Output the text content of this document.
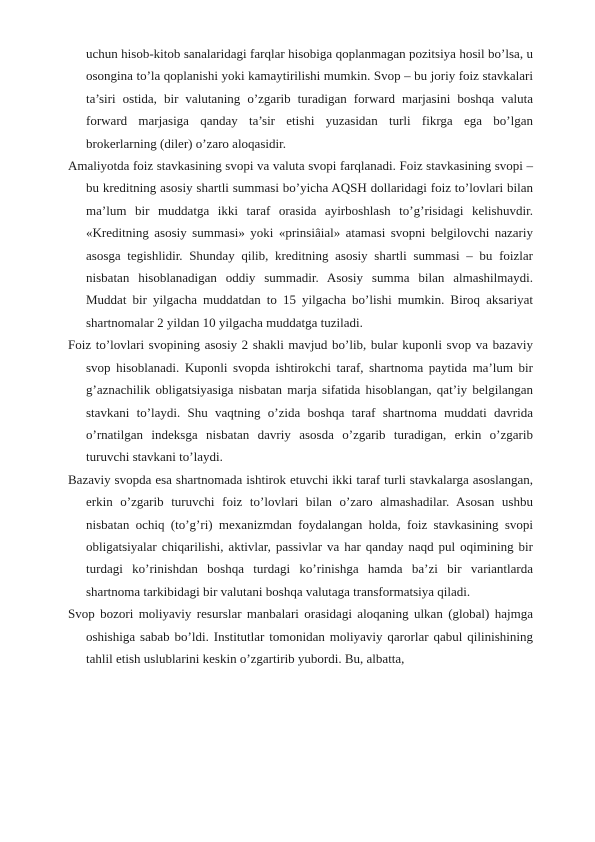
uchun hisob-kitob sanalaridagi farqlar hisobiga qoplanmagan pozitsiya hosil bo’lsa, u osongina to’la qoplanishi yoki kamaytirilishi mumkin. Svop – bu joriy foiz stavkalari ta’siri ostida, bir valutaning o’zgarib turadigan forward marjasini boshqa valuta forward marjasiga qanday ta’sir etishi yuzasidan turli fikrga ega bo’lgan brokerlarning (diler) o’zaro aloqasidir.

Amaliyotda foiz stavkasining svopi va valuta svopi farqlanadi. Foiz stavkasining svopi – bu kreditning asosiy shartli summasi bo’yicha AQSH dollaridagi foiz to’lovlari bilan ma’lum bir muddatga ikki taraf orasida ayirboshlash to’g’risidagi kelishuvdir. «Kreditning asosiy summasi» yoki «prinsiâial» atamasi svopni belgilovchi nazariy asosga tegishlidir. Shunday qilib, kreditning asosiy shartli summasi – bu foizlar nisbatan hisoblanadigan oddiy summadir. Asosiy summa bilan almashilmaydi. Muddat bir yilgacha muddatdan to 15 yilgacha bo’lishi mumkin. Biroq aksariyat shartnomalar 2 yildan 10 yilgacha muddatga tuziladi.

Foiz to’lovlari svopining asosiy 2 shakli mavjud bo’lib, bular kuponli svop va bazaviy svop hisoblanadi. Kuponli svopda ishtirokchi taraf, shartnoma paytida ma’lum bir g’aznachilik obligatsiyasiga nisbatan marja sifatida hisoblangan, qat’iy belgilangan stavkani to’laydi. Shu vaqtning o’zida boshqa taraf shartnoma muddati davrida o’rnatilgan indeksga nisbatan davriy asosda o’zgarib turadigan, erkin o’zgarib turuvchi stavkani to’laydi.

Bazaviy svopda esa shartnomada ishtirok etuvchi ikki taraf turli stavkalarga asoslangan, erkin o’zgarib turuvchi foiz to’lovlari bilan o’zaro almashadilar. Asosan ushbu nisbatan ochiq (to’g’ri) mexanizmdan foydalangan holda, foiz stavkasining svopi obligatsiyalar chiqarilishi, aktivlar, passivlar va har qanday naqd pul oqimining bir turdagi ko’rinishdan boshqa turdagi ko’rinishga hamda ba’zi bir variantlarda shartnoma tarkibidagi bir valutani boshqa valutaga transformatsiya qiladi.

Svop bozori moliyaviy resurslar manbalari orasidagi aloqaning ulkan (global) hajmga oshishiga sabab bo’ldi. Institutlar tomonidan moliyaviy qarorlar qabul qilinishining tahlil etish uslublarini keskin o’zgartirib yubordi. Bu, albatta,
